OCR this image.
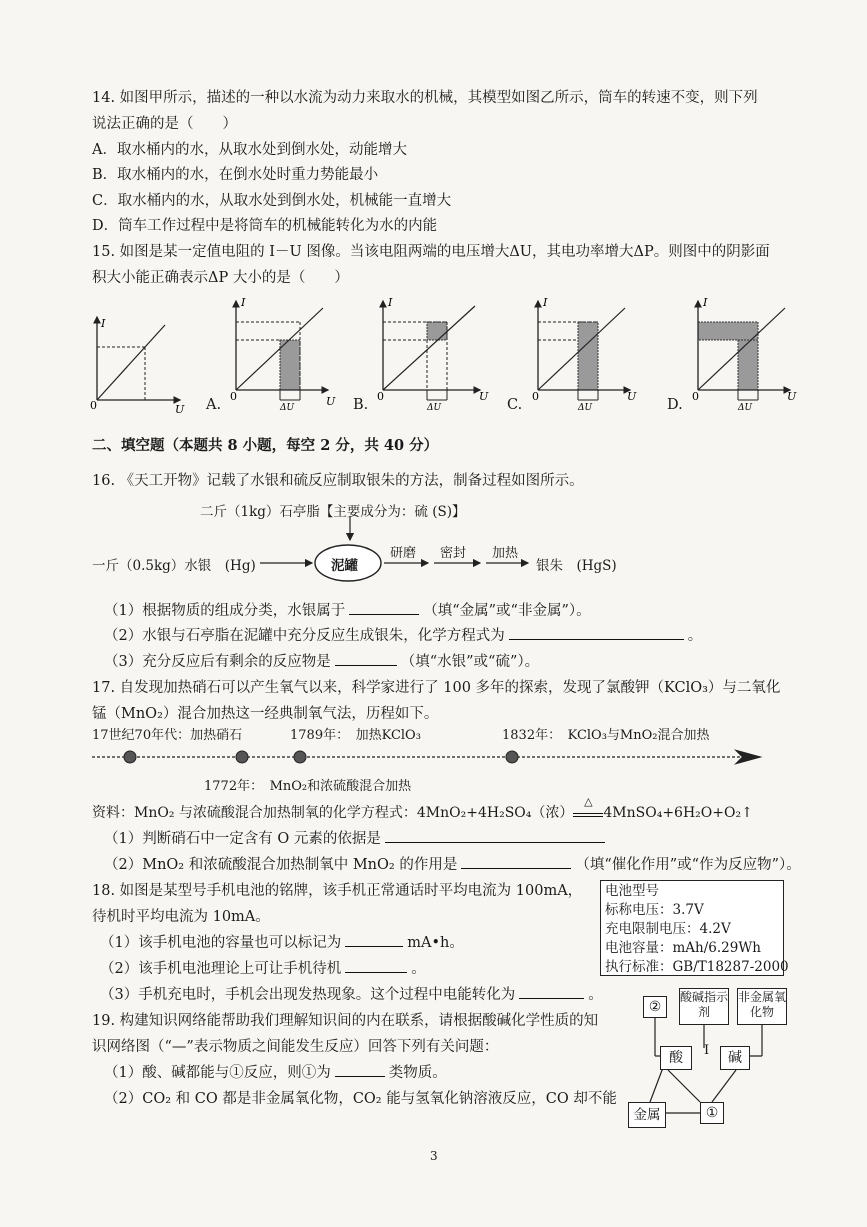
14. 如图甲所示，描述的一种以水流为动力来取水的机械，其模型如图乙所示，筒车的转速不变，则下列
说法正确的是（　　）
A．取水桶内的水，从取水处到倒水处，动能增大
B．取水桶内的水，在倒水处时重力势能最小
C．取水桶内的水，从取水处到倒水处，机械能一直增大
D．筒车工作过程中是将筒车的机械能转化为水的内能
15. 如图是某一定值电阻的 I－U 图像。当该电阻两端的电压增大ΔU，其电功率增大ΔP。则图中的阴影面
积大小能正确表示ΔP 大小的是（　　）
I
0	U
I
0	U
ΔU
A.
I
0	U
ΔU
B.
I
0	U
ΔU
C.
I
0	U
ΔU
D.
二、填空题（本题共 8 小题，每空 2 分，共 40 分）
16. 《天工开物》记载了水银和硫反应制取银朱的方法，制备过程如图所示。
二斤（1kg）石亭脂【主要成分为：硫 (S)】
一斤（0.5kg）水银　(Hg)	泥罐
研磨 密封 加热
银朱　(HgS)
（1）根据物质的组成分类，水银属于	（填“金属”或“非金属”）。
（2）水银与石亭脂在泥罐中充分反应生成银朱，化学方程式为	。
（3）充分反应后有剩余的反应物是	（填“水银”或“硫”）。
17. 自发现加热硝石可以产生氧气以来，科学家进行了 100 多年的探索，发现了氯酸钾（KClO₃）与二氧化
锰（MnO₂）混合加热这一经典制氧气法，历程如下。
17世纪70年代：加热硝石	1789年：　加热KClO₃	1832年：　KClO₃与MnO₂混合加热
1772年：　MnO₂和浓硫酸混合加热
资料：MnO₂ 与浓硫酸混合加热制氧的化学方程式：4MnO₂+4H₂SO₄（浓）
△
4MnSO₄+6H₂O+O₂↑
（1）判断硝石中一定含有 O 元素的依据是
（2）MnO₂ 和浓硫酸混合加热制氧中 MnO₂ 的作用是	（填“催化作用”或“作为反应物”）。
18. 如图是某型号手机电池的铭牌，该手机正常通话时平均电流为 100mA，
待机时平均电流为 10mA。
（1）该手机电池的容量也可以标记为	mA•h。
（2）该手机电池理论上可让手机待机	。
（3）手机充电时，手机会出现发热现象。这个过程中电能转化为	。
电池型号
标称电压：3.7V
充电限制电压：4.2V
电池容量：mAh/6.29Wh
执行标准：GB/T18287-2000
19. 构建知识网络能帮助我们理解知识间的内在联系，请根据酸碱化学性质的知
识网络图（“—”表示物质之间能发生反应）回答下列有关问题：
（1）酸、碱都能与①反应，则①为	类物质。
（2）CO₂ 和 CO 都是非金属氧化物，CO₂ 能与氢氧化钠溶液反应，CO 却不能
②
酸碱指示剂
非金属氧化物
酸	I	碱
金属	①
3
